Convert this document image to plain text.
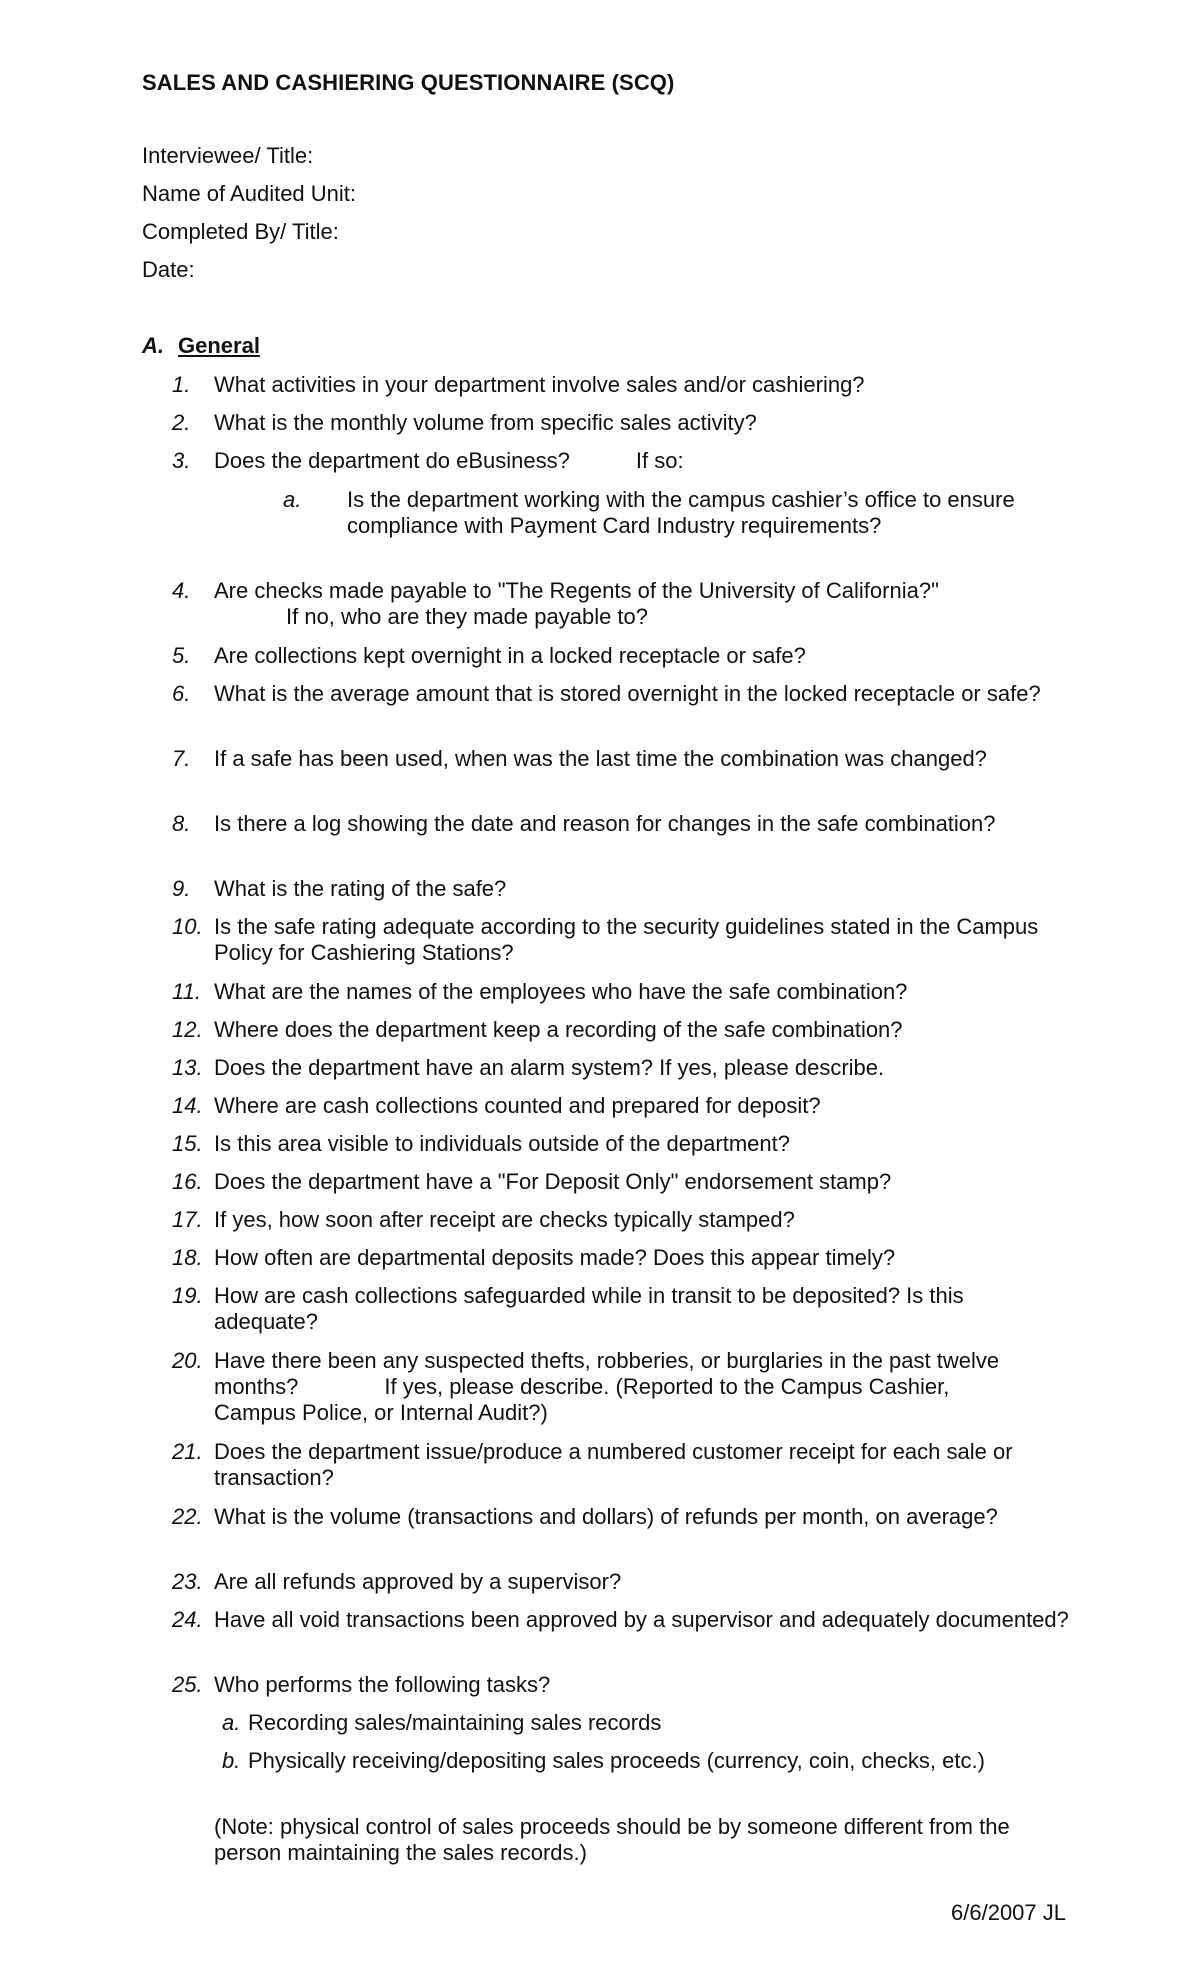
SALES AND CASHIERING QUESTIONNAIRE (SCQ)
Interviewee/ Title:
Name of Audited Unit:
Completed By/ Title:
Date:
A. General
1.	What activities in your department involve sales and/or cashiering?
2.	What is the monthly volume from specific sales activity?
3.	Does the department do eBusiness?	If so:
a. Is the department working with the campus cashier’s office to ensure compliance with Payment Card Industry requirements?
4.	Are checks made payable to "The Regents of the University of California?"
If no, who are they made payable to?
5.	Are collections kept overnight in a locked receptacle or safe?
6.	What is the average amount that is stored overnight in the locked receptacle or safe?
7.	If a safe has been used, when was the last time the combination was changed?
8.	Is there a log showing the date and reason for changes in the safe combination?
9.	What is the rating of the safe?
10. Is the safe rating adequate according to the security guidelines stated in the Campus Policy for Cashiering Stations?
11. What are the names of the employees who have the safe combination?
12. Where does the department keep a recording of the safe combination?
13. Does the department have an alarm system? If yes, please describe.
14. Where are cash collections counted and prepared for deposit?
15. Is this area visible to individuals outside of the department?
16. Does the department have a "For Deposit Only" endorsement stamp?
17. If yes, how soon after receipt are checks typically stamped?
18. How often are departmental deposits made? Does this appear timely?
19. How are cash collections safeguarded while in transit to be deposited? Is this adequate?
20. Have there been any suspected thefts, robberies, or burglaries in the past twelve
months?	If yes, please describe. (Reported to the Campus Cashier,
Campus Police, or Internal Audit?)
21. Does the department issue/produce a numbered customer receipt for each sale or transaction?
22. What is the volume (transactions and dollars) of refunds per month, on average?
23. Are all refunds approved by a supervisor?
24. Have all void transactions been approved by a supervisor and adequately documented?
25. Who performs the following tasks?
a. Recording sales/maintaining sales records
b. Physically receiving/depositing sales proceeds (currency, coin, checks, etc.)
(Note: physical control of sales proceeds should be by someone different from the person maintaining the sales records.)
6/6/2007 JL
